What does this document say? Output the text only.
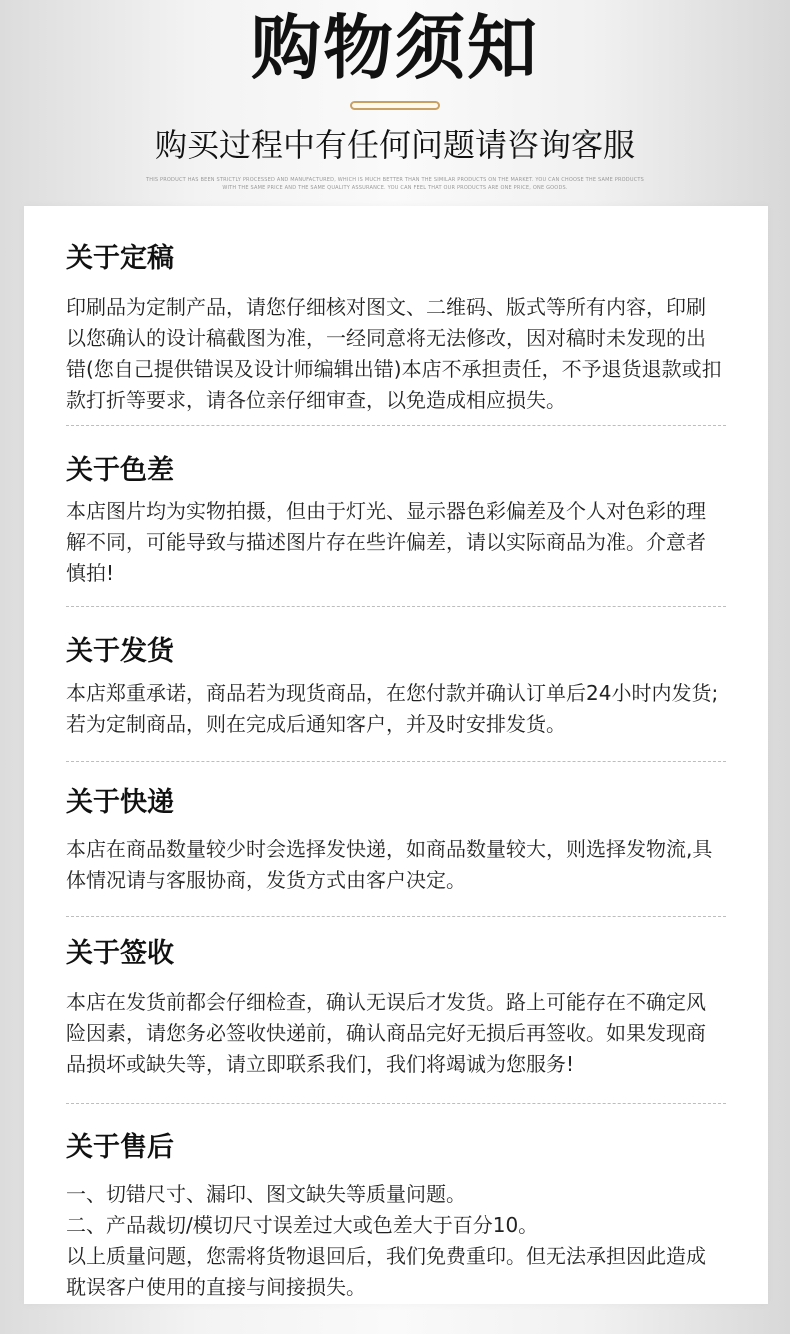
购物须知
购买过程中有任何问题请咨询客服
THIS PRODUCT HAS BEEN STRICTLY PROCESSED AND MANUFACTURED, WHICH IS MUCH BETTER THAN THE SIMILAR PRODUCTS ON THE MARKET. YOU CAN CHOOSE THE SAME PRODUCTS WITH THE SAME PRICE AND THE SAME QUALITY ASSURANCE. YOU CAN FEEL THAT OUR PRODUCTS ARE ONE PRICE, ONE GOODS.
关于定稿
印刷品为定制产品，请您仔细核对图文、二维码、版式等所有内容，印刷
以您确认的设计稿截图为准，一经同意将无法修改，因对稿时未发现的出
错(您自己提供错误及设计师编辑出错)本店不承担责任，不予退货退款或扣
款打折等要求，请各位亲仔细审查，以免造成相应损失。
关于色差
本店图片均为实物拍摄，但由于灯光、显示器色彩偏差及个人对色彩的理
解不同，可能导致与描述图片存在些许偏差，请以实际商品为准。介意者
慎拍!
关于发货
本店郑重承诺，商品若为现货商品，在您付款并确认订单后24小时内发货;
若为定制商品，则在完成后通知客户，并及时安排发货。
关于快递
本店在商品数量较少时会选择发快递，如商品数量较大，则选择发物流,具
体情况请与客服协商，发货方式由客户决定。
关于签收
本店在发货前都会仔细检查，确认无误后才发货。路上可能存在不确定风
险因素，请您务必签收快递前，确认商品完好无损后再签收。如果发现商
品损坏或缺失等，请立即联系我们，我们将竭诚为您服务!
关于售后
一、切错尺寸、漏印、图文缺失等质量问题。
二、产品裁切/模切尺寸误差过大或色差大于百分10。
以上质量问题，您需将货物退回后，我们免费重印。但无法承担因此造成
耽误客户使用的直接与间接损失。
